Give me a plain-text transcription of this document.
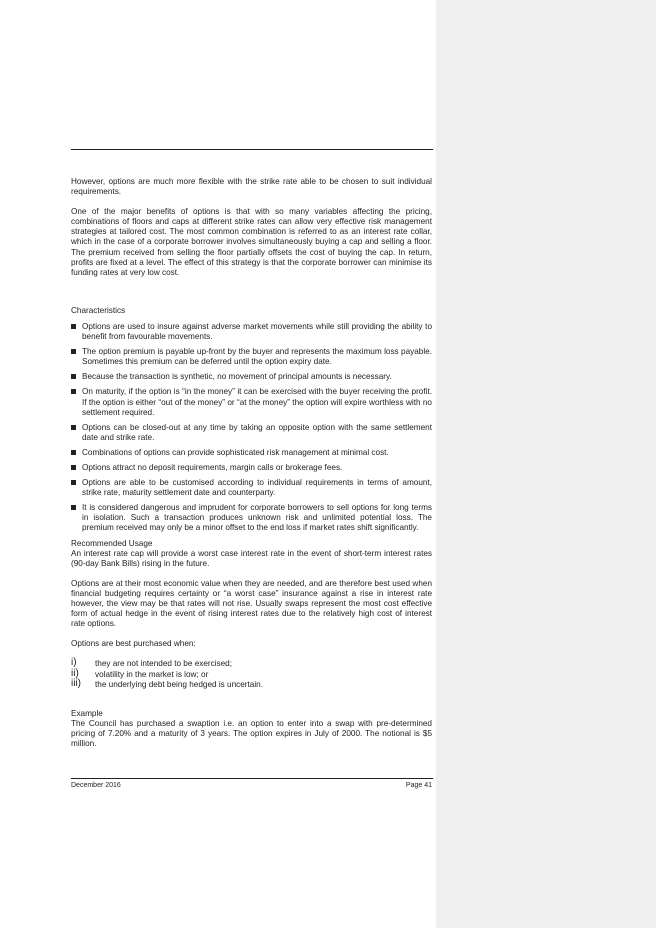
However, options are much more flexible with the strike rate able to be chosen to suit individual requirements.

One of the major benefits of options is that with so many variables affecting the pricing, combinations of floors and caps at different strike rates can allow very effective risk management strategies at tailored cost. The most common combination is referred to as an interest rate collar, which in the case of a corporate borrower involves simultaneously buying a cap and selling a floor. The premium received from selling the floor partially offsets the cost of buying the cap. In return, profits are fixed at a level. The effect of this strategy is that the corporate borrower can minimise its funding rates at very low cost.

Characteristics

Options are used to insure against adverse market movements while still providing the ability to benefit from favourable movements.
The option premium is payable up-front by the buyer and represents the maximum loss payable. Sometimes this premium can be deferred until the option expiry date.
Because the transaction is synthetic, no movement of principal amounts is necessary.
On maturity, if the option is “in the money” it can be exercised with the buyer receiving the profit. If the option is either “out of the money” or “at the money” the option will expire worthless with no settlement required.
Options can be closed-out at any time by taking an opposite option with the same settlement date and strike rate.
Combinations of options can provide sophisticated risk management at minimal cost.
Options attract no deposit requirements, margin calls or brokerage fees.
Options are able to be customised according to individual requirements in terms of amount, strike rate, maturity settlement date and counterparty.
It is considered dangerous and imprudent for corporate borrowers to sell options for long terms in isolation. Such a transaction produces unknown risk and unlimited potential loss. The premium received may only be a minor offset to the end loss if market rates shift significantly.

Recommended Usage

An interest rate cap will provide a worst case interest rate in the event of short-term interest rates (90-day Bank Bills) rising in the future.

Options are at their most economic value when they are needed, and are therefore best used when financial budgeting requires certainty or “a worst case” insurance against a rise in interest rate however, the view may be that rates will not rise. Usually swaps represent the most cost effective form of actual hedge in the event of rising interest rates due to the relatively high cost of interest rate options.

Options are best purchased when:

i) they are not intended to be exercised;
ii) volatility in the market is low; or
iii) the underlying debt being hedged is uncertain.

Example

The Council has purchased a swaption i.e. an option to enter into a swap with pre-determined pricing of 7.20% and a maturity of 3 years. The option expires in July of 2000. The notional is $5 million.

December 2016	Page 41
